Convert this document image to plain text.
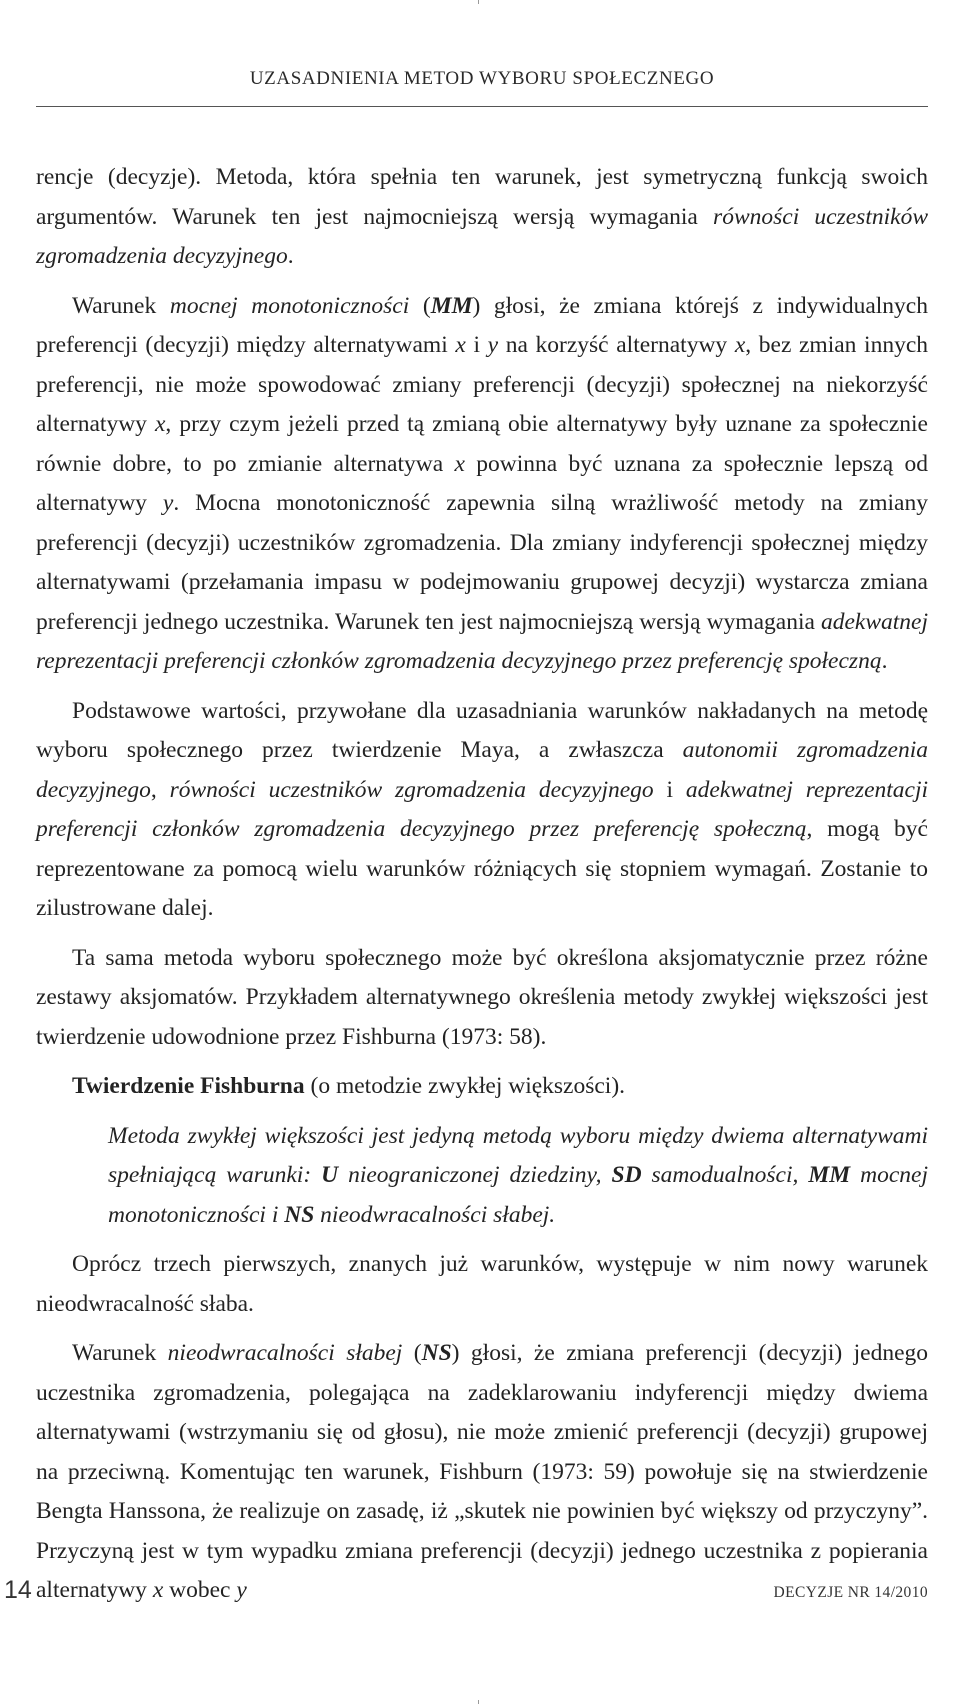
UZASADNIENIA METOD WYBORU SPOŁECZNEGO

rencje (decyzje). Metoda, która spełnia ten warunek, jest symetryczną funkcją swoich argumentów. Warunek ten jest najmocniejszą wersją wymagania równości uczestników zgromadzenia decyzyjnego.

Warunek mocnej monotoniczności (MM) głosi, że zmiana którejś z indywidualnych preferencji (decyzji) między alternatywami x i y na korzyść alternatywy x, bez zmian innych preferencji, nie może spowodować zmiany preferencji (decyzji) społecznej na niekorzyść alternatywy x, przy czym jeżeli przed tą zmianą obie alternatywy były uznane za społecznie równie dobre, to po zmianie alternatywa x powinna być uznana za społecznie lepszą od alternatywy y. Mocna monotoniczność zapewnia silną wrażliwość metody na zmiany preferencji (decyzji) uczestników zgromadzenia. Dla zmiany indyferencji społecznej między alternatywami (przełamania impasu w podejmowaniu grupowej decyzji) wystarcza zmiana preferencji jednego uczestnika. Warunek ten jest najmocniejszą wersją wymagania adekwatnej reprezentacji preferencji członków zgromadzenia decyzyjnego przez preferencję społeczną.

Podstawowe wartości, przywołane dla uzasadniania warunków nakładanych na metodę wyboru społecznego przez twierdzenie Maya, a zwłaszcza autonomii zgromadzenia decyzyjnego, równości uczestników zgromadzenia decyzyjnego i adekwatnej reprezentacji preferencji członków zgromadzenia decyzyjnego przez preferencję społeczną, mogą być reprezentowane za pomocą wielu warunków różniących się stopniem wymagań. Zostanie to zilustrowane dalej.

Ta sama metoda wyboru społecznego może być określona aksjomatycznie przez różne zestawy aksjomatów. Przykładem alternatywnego określenia metody zwykłej większości jest twierdzenie udowodnione przez Fishburna (1973: 58).

Twierdzenie Fishburna (o metodzie zwykłej większości).

Metoda zwykłej większości jest jedyną metodą wyboru między dwiema alternatywami spełniającą warunki: U nieograniczonej dziedziny, SD samodualności, MM mocnej monotoniczności i NS nieodwracalności słabej.

Oprócz trzech pierwszych, znanych już warunków, występuje w nim nowy warunek nieodwracalność słaba.

Warunek nieodwracalności słabej (NS) głosi, że zmiana preferencji (decyzji) jednego uczestnika zgromadzenia, polegająca na zadeklarowaniu indyferencji między dwiema alternatywami (wstrzymaniu się od głosu), nie może zmienić preferencji (decyzji) grupowej na przeciwną. Komentując ten warunek, Fishburn (1973: 59) powołuje się na stwierdzenie Bengta Hanssona, że realizuje on zasadę, iż „skutek nie powinien być większy od przyczyny”. Przyczyną jest w tym wypadku zmiana preferencji (decyzji) jednego uczestnika z popierania alternatywy x wobec y

14	DECYZJE NR 14/2010
